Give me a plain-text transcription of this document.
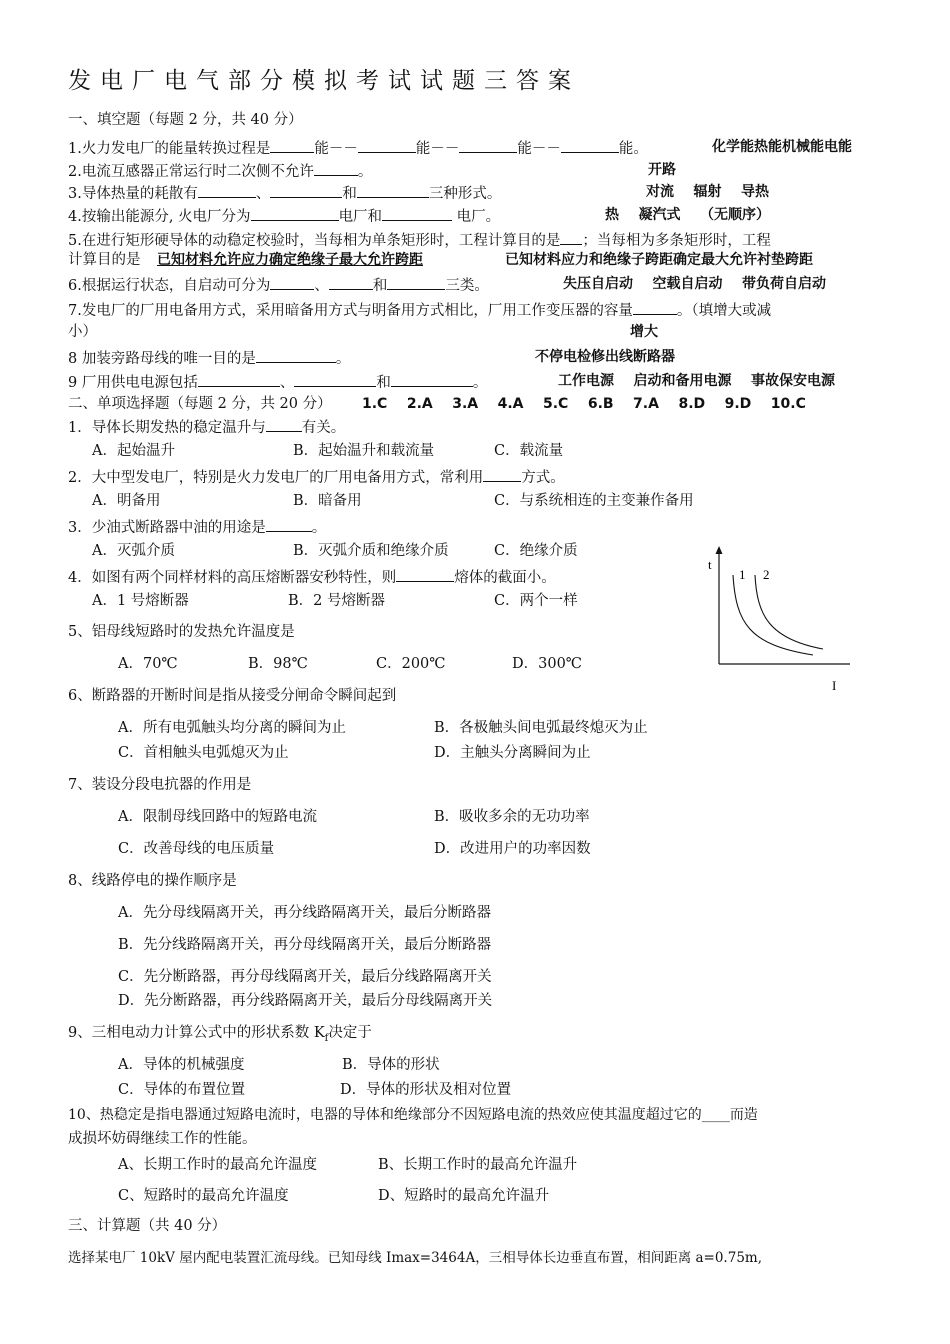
发电厂电气部分模拟考试试题三答案
一、填空题（每题 2 分，共 40 分）
1.火力发电厂的能量转换过程是	能－－	能－－	能－－	能。	化学能热能机械能电能
2.电流互感器正常运行时二次侧不允许	。	开路
3.导体热量的耗散有	、	和	三种形式。	对流    辐射    导热
4.按输出能源分, 火电厂分为	电厂和	电厂。	热    凝汽式    （无顺序）
5.在进行矩形硬导体的动稳定校验时，当每相为单条矩形时，工程计算目的是 ；当每相为多条矩形时，工程
计算目的是 已知材料允许应力确定绝缘子最大允许跨距	已知材料应力和绝缘子跨距确定最大允许衬垫跨距
6.根据运行状态，自启动可分为	、	和	三类。	失压自启动    空载自启动    带负荷自启动
7.发电厂的厂用电备用方式，采用暗备用方式与明备用方式相比，厂用工作变压器的容量	。（填增大或减
小）	增大
8 加装旁路母线的唯一目的是	。	不停电检修出线断路器
9 厂用供电电源包括	、	和	。	工作电源    启动和备用电源    事故保安电源
二、单项选择题（每题 2 分，共 20 分） 1.C    2.A    3.A    4.A    5.C    6.B    7.A    8.D    9.D    10.C
1．导体长期发热的稳定温升与 有关。
A．起始温升	B．起始温升和载流量	C．载流量
2．大中型发电厂，特别是火力发电厂的厂用电备用方式，常利用	方式。
A．明备用	B．暗备用	C．与系统相连的主变兼作备用
3．少油式断路器中油的用途是	。
A．灭弧介质	B．灭弧介质和绝缘介质	C．绝缘介质
4．如图有两个同样材料的高压熔断器安秒特性，则	熔体的截面小。
A．1 号熔断器	B．2 号熔断器	C．两个一样
t
1 2
I
5、铝母线短路时的发热允许温度是
A．70℃	B．98℃	C．200℃	D．300℃
6、断路器的开断时间是指从接受分闸命令瞬间起到
A．所有电弧触头均分离的瞬间为止	B．各极触头间电弧最终熄灭为止
C．首相触头电弧熄灭为止	D．主触头分离瞬间为止
7、装设分段电抗器的作用是
A．限制母线回路中的短路电流	B．吸收多余的无功功率
C．改善母线的电压质量	D．改进用户的功率因数
8、线路停电的操作顺序是
A．先分母线隔离开关，再分线路隔离开关，最后分断路器
B．先分线路隔离开关，再分母线隔离开关，最后分断路器
C．先分断路器，再分母线隔离开关，最后分线路隔离开关
D．先分断路器，再分线路隔离开关，最后分母线隔离开关
9、三相电动力计算公式中的形状系数 $K_f$决定于
A．导体的机械强度	B．导体的形状
C．导体的布置位置	D．导体的形状及相对位置
10、热稳定是指电器通过短路电流时，电器的导体和绝缘部分不因短路电流的热效应使其温度超过它的____而造
成损坏妨碍继续工作的性能。
A、长期工作时的最高允许温度	B、长期工作时的最高允许温升
C、短路时的最高允许温度	D、短路时的最高允许温升
三、计算题（共 40 分）
选择某电厂 10kV 屋内配电装置汇流母线。已知母线 Imax=3464A，三相导体长边垂直布置，相间距离 a=0.75m,
